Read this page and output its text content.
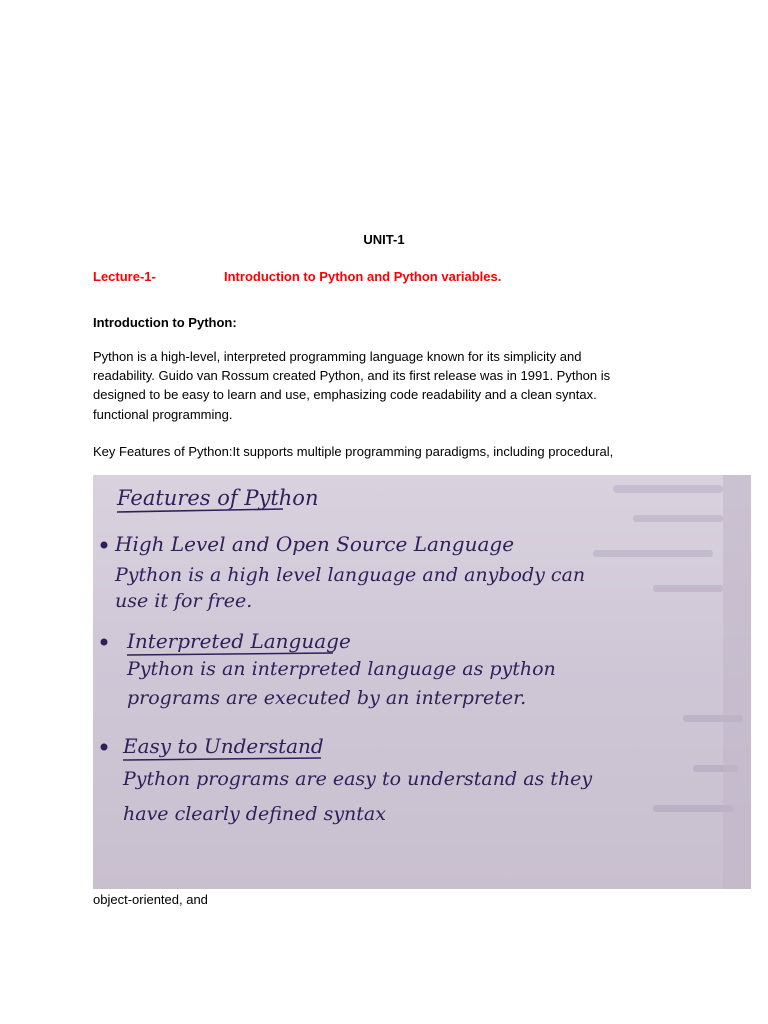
UNIT-1
Lecture-1-	Introduction to Python and Python variables.
Introduction to Python:
Python is a high-level, interpreted programming language known for its simplicity and
readability. Guido van Rossum created Python, and its first release was in 1991. Python is
designed to be easy to learn and use, emphasizing code readability and a clean syntax.
functional programming.
Key Features of Python:It supports multiple programming paradigms, including procedural,
Features of Python
High Level and Open Source Language
Python is a high level language and anybody can
use it for free.
Interpreted Language
Python is an interpreted language as python
programs are executed by an interpreter.
Easy to Understand
Python programs are easy to understand as they
have clearly defined syntax
object-oriented, and
